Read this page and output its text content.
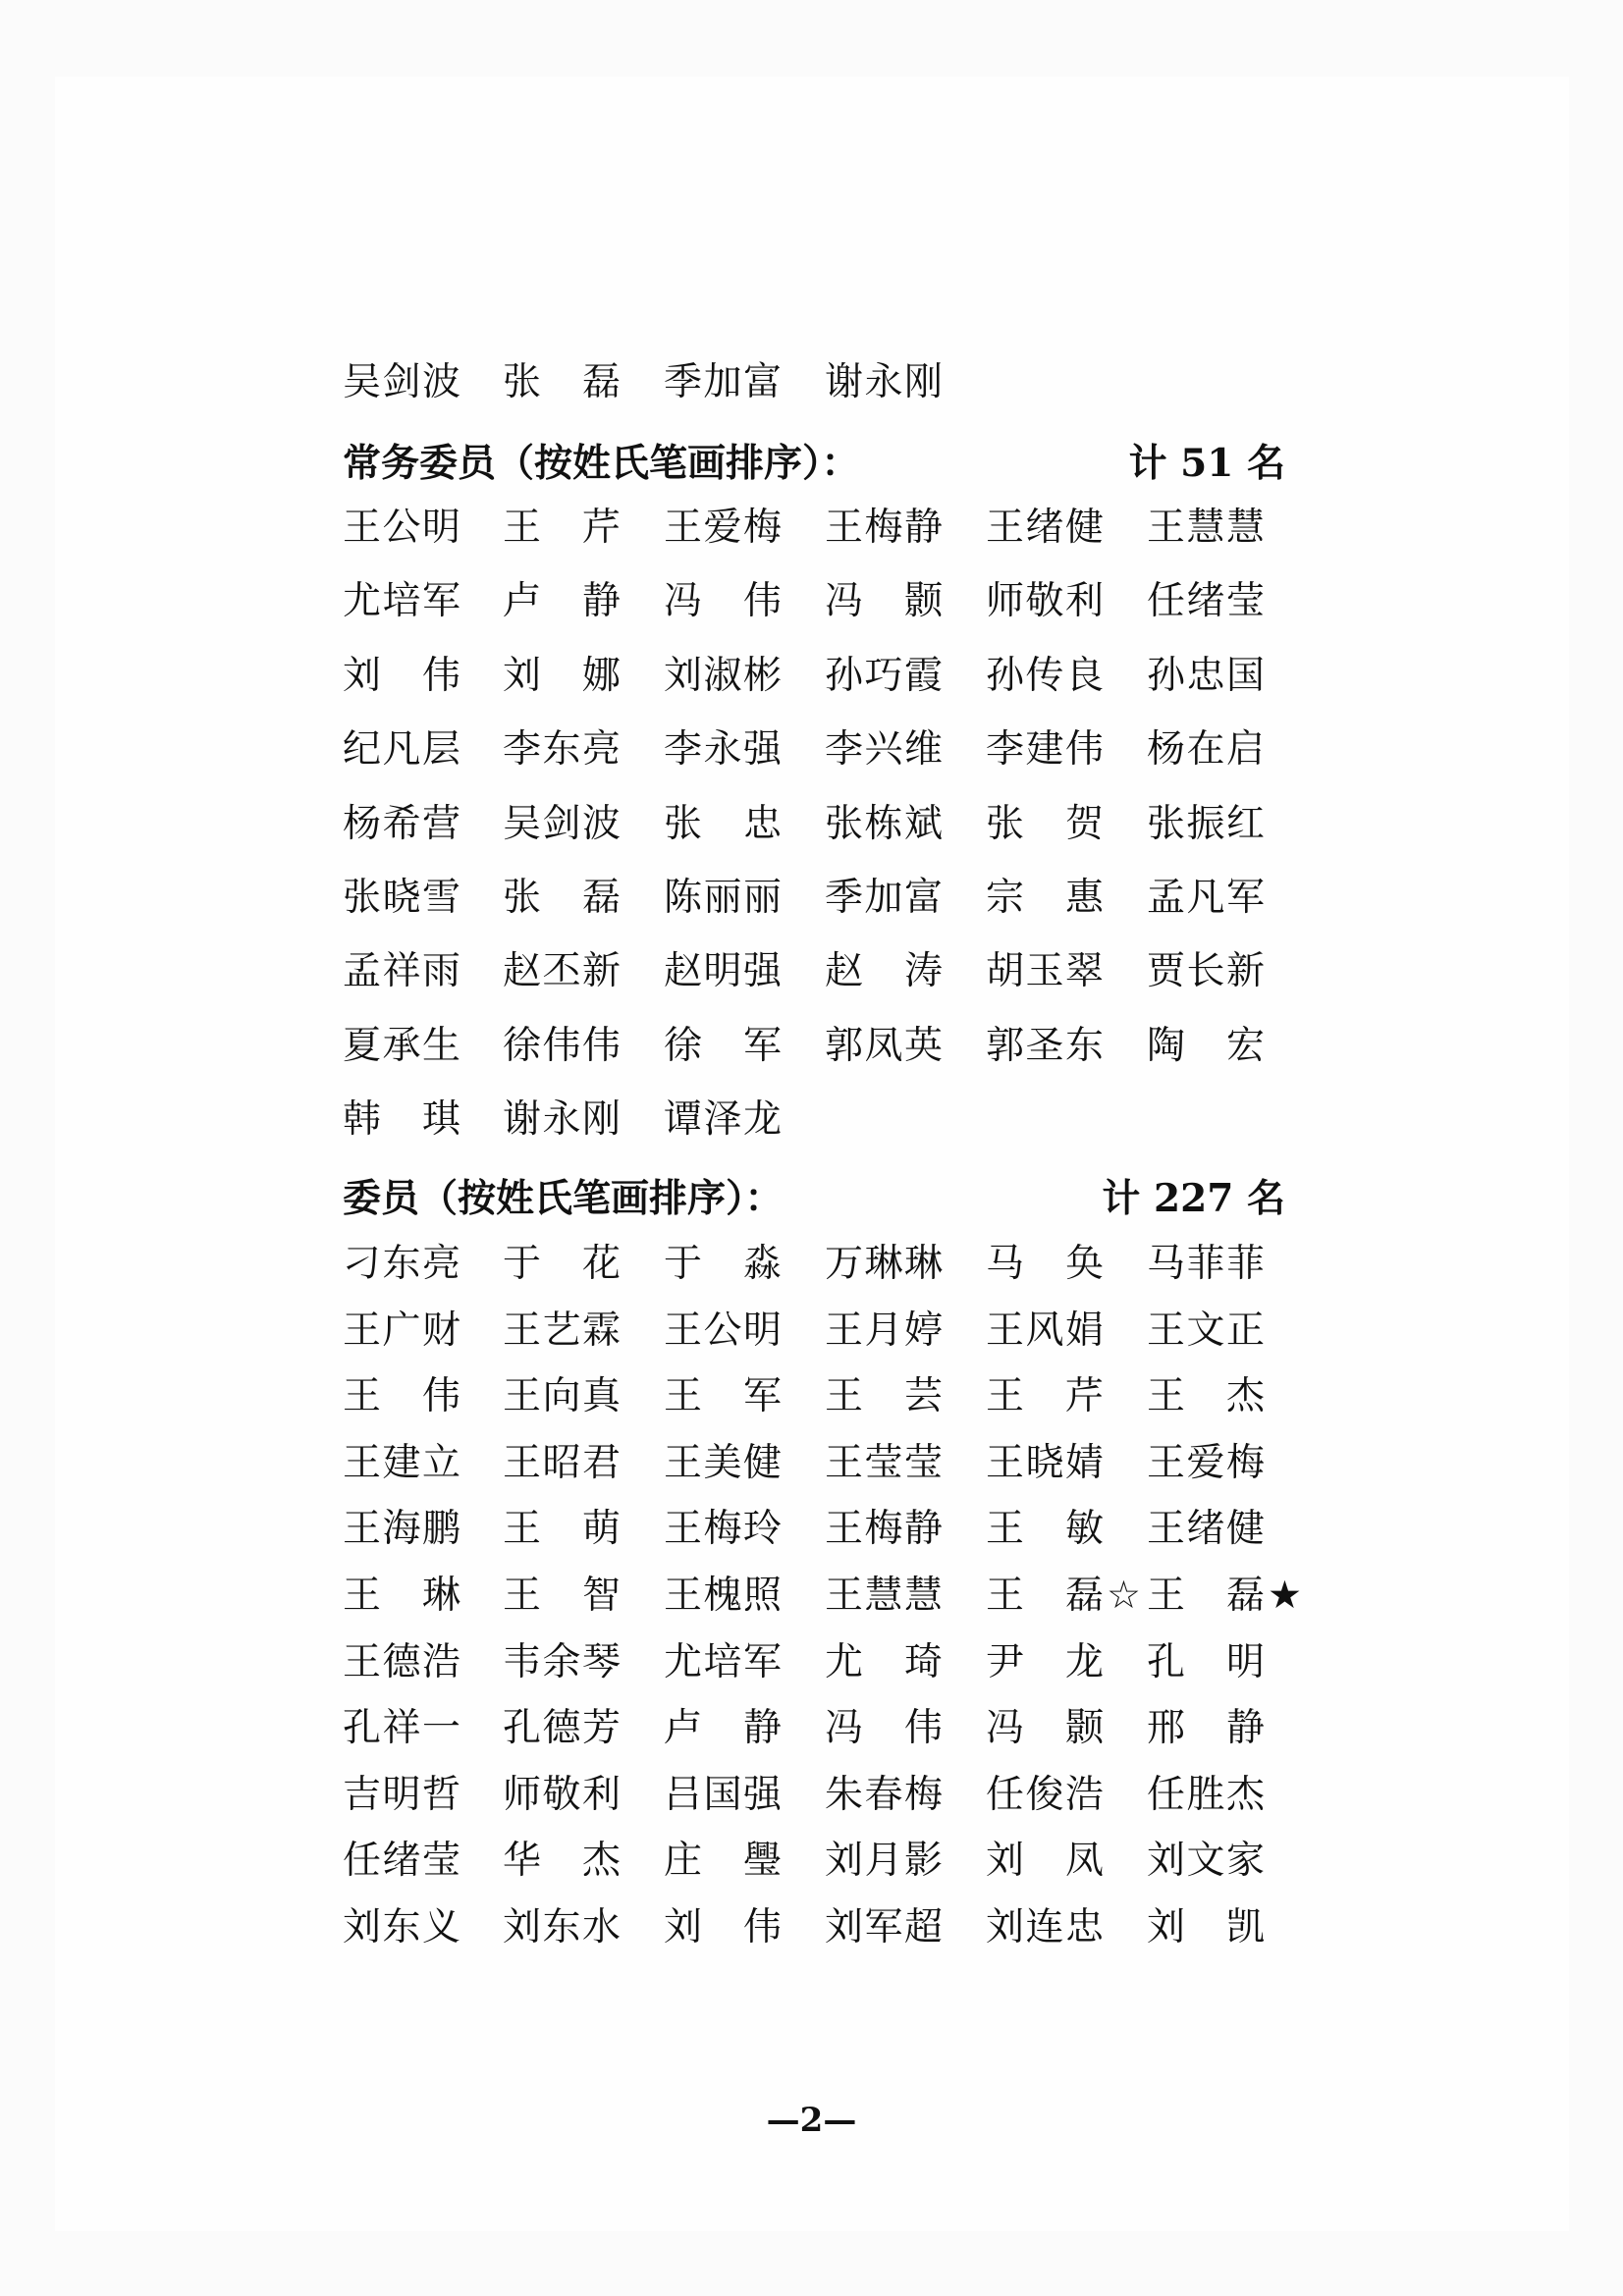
吴 剑 波 张 磊 季 加 富 谢 永 刚
常务委员（按姓氏笔画排序）：	计 51 名
王 公 明 王 芹 王 爱 梅 王 梅 静 王 绪 健 王 慧 慧
尤 培 军 卢 静 冯 伟 冯 颢 师 敬 利 任 绪 莹
刘 伟 刘 娜 刘 淑 彬 孙 巧 霞 孙 传 良 孙 忠 国
纪 凡 层 李 东 亮 李 永 强 李 兴 维 李 建 伟 杨 在 启
杨 希 营 吴 剑 波 张 忠 张 栋 斌 张 贺 张 振 红
张 晓 雪 张 磊 陈 丽 丽 季 加 富 宗 惠 孟 凡 军
孟 祥 雨 赵 丕 新 赵 明 强 赵 涛 胡 玉 翠 贾 长 新
夏 承 生 徐 伟 伟 徐 军 郭 凤 英 郭 圣 东 陶 宏
韩 琪 谢 永 刚 谭 泽 龙
委员（按姓氏笔画排序）：	计 227 名
刁 东 亮 于 花 于 淼 万 琳 琳 马 奂 马 菲 菲
王 广 财 王 艺 霖 王 公 明 王 月 婷 王 风 娟 王 文 正
王 伟 王 向 真 王 军 王 芸 王 芹 王 杰
王 建 立 王 昭 君 王 美 健 王 莹 莹 王 晓 婧 王 爱 梅
王 海 鹏 王 萌 王 梅 玲 王 梅 静 王 敏 王 绪 健
王 琳 王 智 王 槐 照 王 慧 慧 王 磊 ☆ 王 磊 ★
王 德 浩 韦 余 琴 尤 培 军 尤 琦 尹 龙 孔 明
孔 祥 一 孔 德 芳 卢 静 冯 伟 冯 颢 邢 静
吉 明 哲 师 敬 利 吕 国 强 朱 春 梅 任 俊 浩 任 胜 杰
任 绪 莹 华 杰 庄 璺 刘 月 影 刘 凤 刘 文 家
刘 东 义 刘 东 水 刘 伟 刘 军 超 刘 连 忠 刘 凯
—2—
